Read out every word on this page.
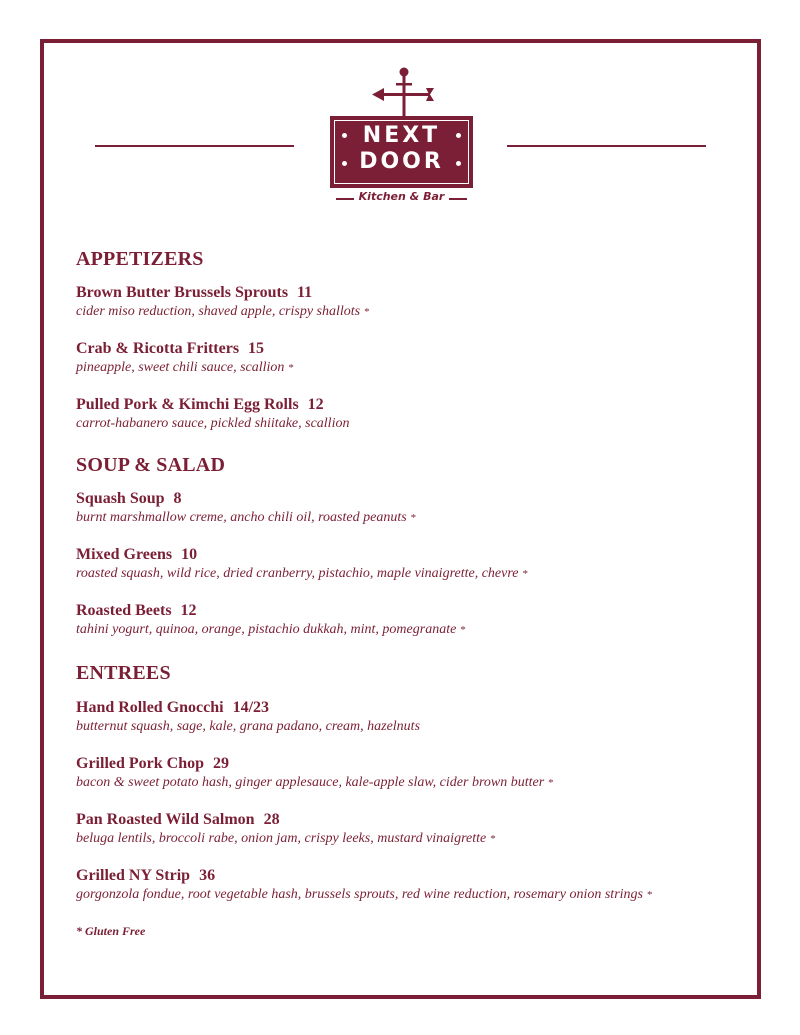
NEXT
DOOR
Kitchen & Bar
APPETIZERS
Brown Butter Brussels Sprouts 11
cider miso reduction, shaved apple, crispy shallots *
Crab & Ricotta Fritters 15
pineapple, sweet chili sauce, scallion *
Pulled Pork & Kimchi Egg Rolls 12
carrot-habanero sauce, pickled shiitake, scallion
SOUP & SALAD
Squash Soup 8
burnt marshmallow creme, ancho chili oil, roasted peanuts *
Mixed Greens 10
roasted squash, wild rice, dried cranberry, pistachio, maple vinaigrette, chevre *
Roasted Beets 12
tahini yogurt, quinoa, orange, pistachio dukkah, mint, pomegranate *
ENTREES
Hand Rolled Gnocchi 14/23
butternut squash, sage, kale, grana padano, cream, hazelnuts
Grilled Pork Chop 29
bacon & sweet potato hash, ginger applesauce, kale-apple slaw, cider brown butter *
Pan Roasted Wild Salmon 28
beluga lentils, broccoli rabe, onion jam, crispy leeks, mustard vinaigrette *
Grilled NY Strip 36
gorgonzola fondue, root vegetable hash, brussels sprouts, red wine reduction, rosemary onion strings *
* Gluten Free
